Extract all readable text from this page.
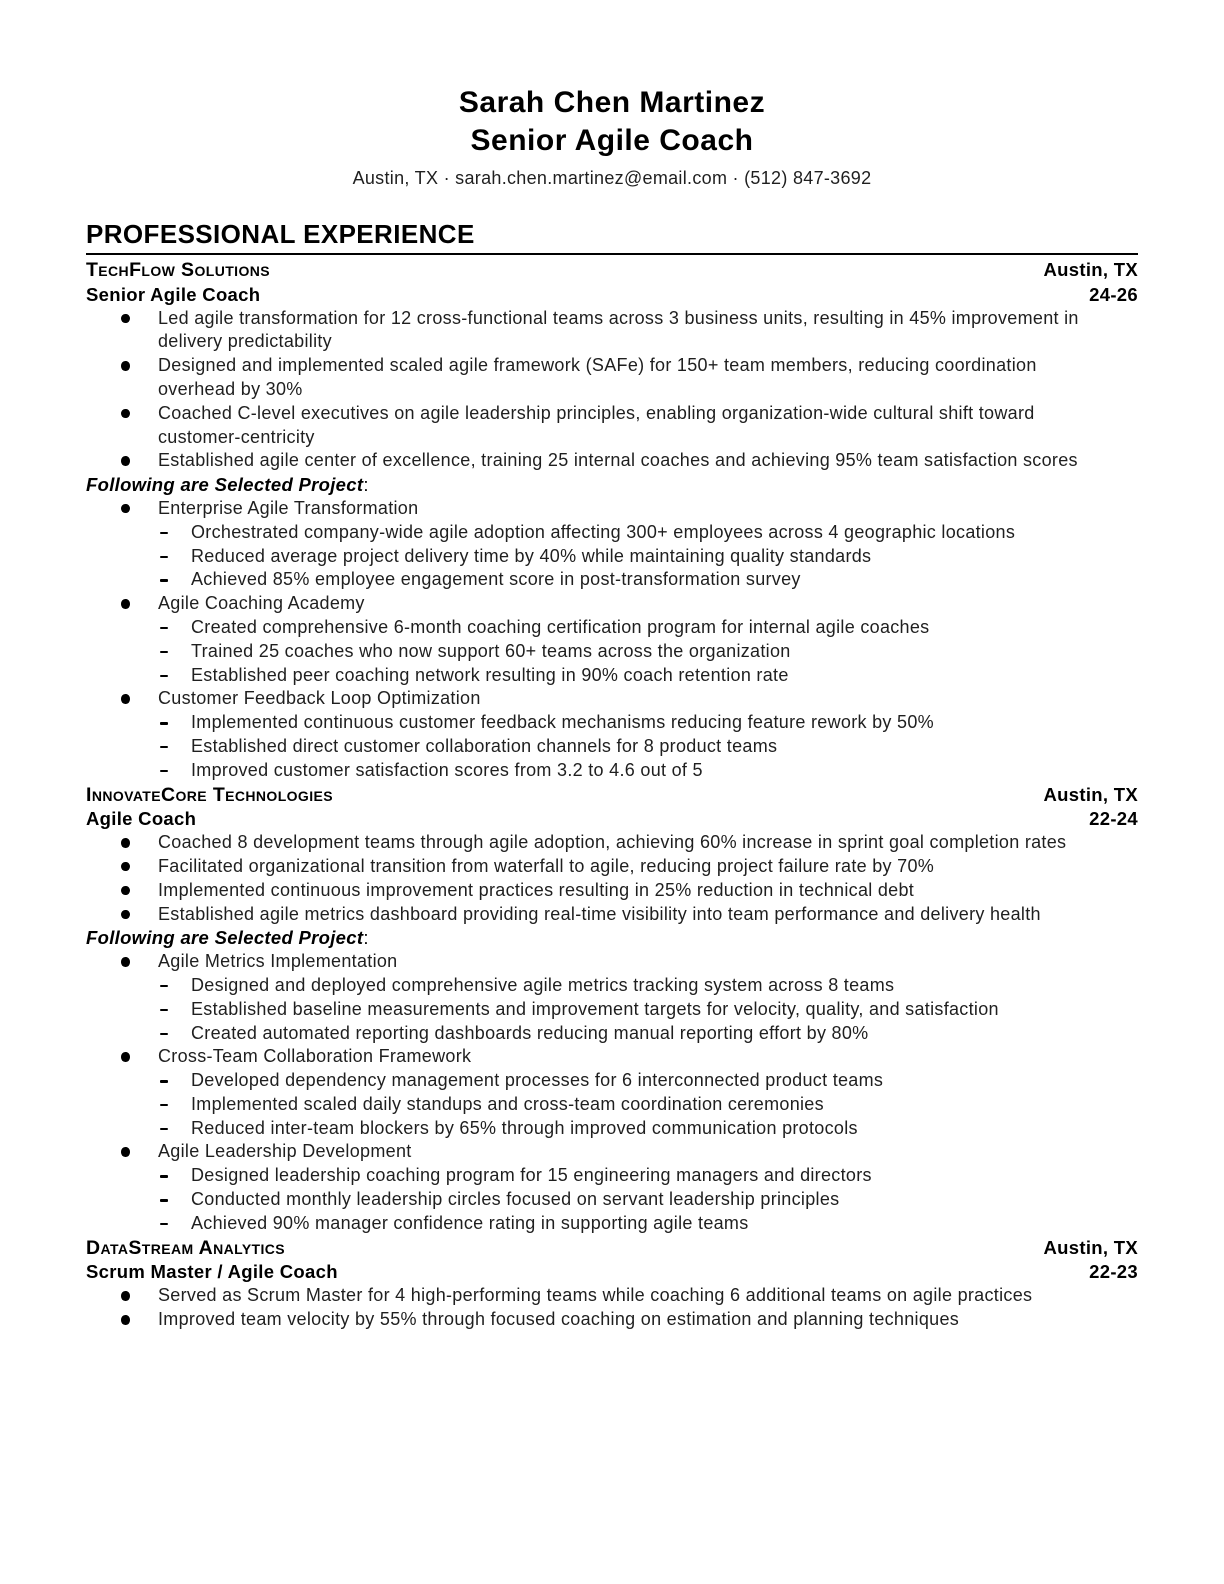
Sarah Chen Martinez
Senior Agile Coach

Austin, TX · sarah.chen.martinez@email.com · (512) 847-3692

PROFESSIONAL EXPERIENCE
TechFlow Solutions	Austin, TX
Senior Agile Coach	24-26
Led agile transformation for 12 cross-functional teams across 3 business units, resulting in 45% improvement in delivery predictability
Designed and implemented scaled agile framework (SAFe) for 150+ team members, reducing coordination overhead by 30%
Coached C-level executives on agile leadership principles, enabling organization-wide cultural shift toward customer-centricity
Established agile center of excellence, training 25 internal coaches and achieving 95% team satisfaction scores

Following are Selected Project:

Enterprise Agile Transformation
Orchestrated company-wide agile adoption affecting 300+ employees across 4 geographic locations
Reduced average project delivery time by 40% while maintaining quality standards
Achieved 85% employee engagement score in post-transformation survey
Agile Coaching Academy
Created comprehensive 6-month coaching certification program for internal agile coaches
Trained 25 coaches who now support 60+ teams across the organization
Established peer coaching network resulting in 90% coach retention rate
Customer Feedback Loop Optimization
Implemented continuous customer feedback mechanisms reducing feature rework by 50%
Established direct customer collaboration channels for 8 product teams
Improved customer satisfaction scores from 3.2 to 4.6 out of 5
InnovateCore Technologies	Austin, TX
Agile Coach	22-24
Coached 8 development teams through agile adoption, achieving 60% increase in sprint goal completion rates
Facilitated organizational transition from waterfall to agile, reducing project failure rate by 70%
Implemented continuous improvement practices resulting in 25% reduction in technical debt
Established agile metrics dashboard providing real-time visibility into team performance and delivery health

Following are Selected Project:

Agile Metrics Implementation
Designed and deployed comprehensive agile metrics tracking system across 8 teams
Established baseline measurements and improvement targets for velocity, quality, and satisfaction
Created automated reporting dashboards reducing manual reporting effort by 80%
Cross-Team Collaboration Framework
Developed dependency management processes for 6 interconnected product teams
Implemented scaled daily standups and cross-team coordination ceremonies
Reduced inter-team blockers by 65% through improved communication protocols
Agile Leadership Development
Designed leadership coaching program for 15 engineering managers and directors
Conducted monthly leadership circles focused on servant leadership principles
Achieved 90% manager confidence rating in supporting agile teams
DataStream Analytics	Austin, TX
Scrum Master / Agile Coach	22-23
Served as Scrum Master for 4 high-performing teams while coaching 6 additional teams on agile practices
Improved team velocity by 55% through focused coaching on estimation and planning techniques
